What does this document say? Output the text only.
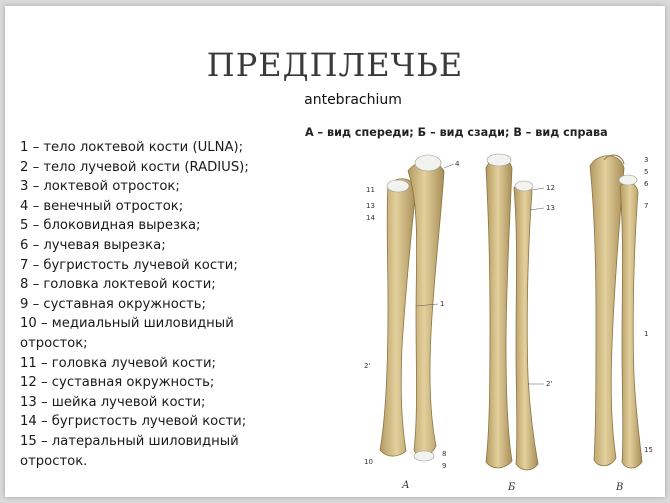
ПРЕДПЛЕЧЬЕ
antebrachium
1 – тело локтевой кости (ULNA);
2 – тело лучевой кости (RADIUS);
3 – локтевой отросток;
4 – венечный отросток;
5 – блоковидная вырезка;
6 – лучевая вырезка;
7 – бугристость лучевой кости;
8 – головка локтевой кости;
9 – суставная окружность;
10 – медиальный шиловидный
отросток;
11 – головка лучевой кости;
12 – суставная окружность;
13 – шейка лучевой кости;
14 – бугристость лучевой кости;
15 – латеральный шиловидный
отросток.
А – вид спереди; Б – вид сзади; В – вид справа
11
13
14
4
1
2'
8
9
10
А
12
13
2'
Б
3
5
6
7
1
15
В
